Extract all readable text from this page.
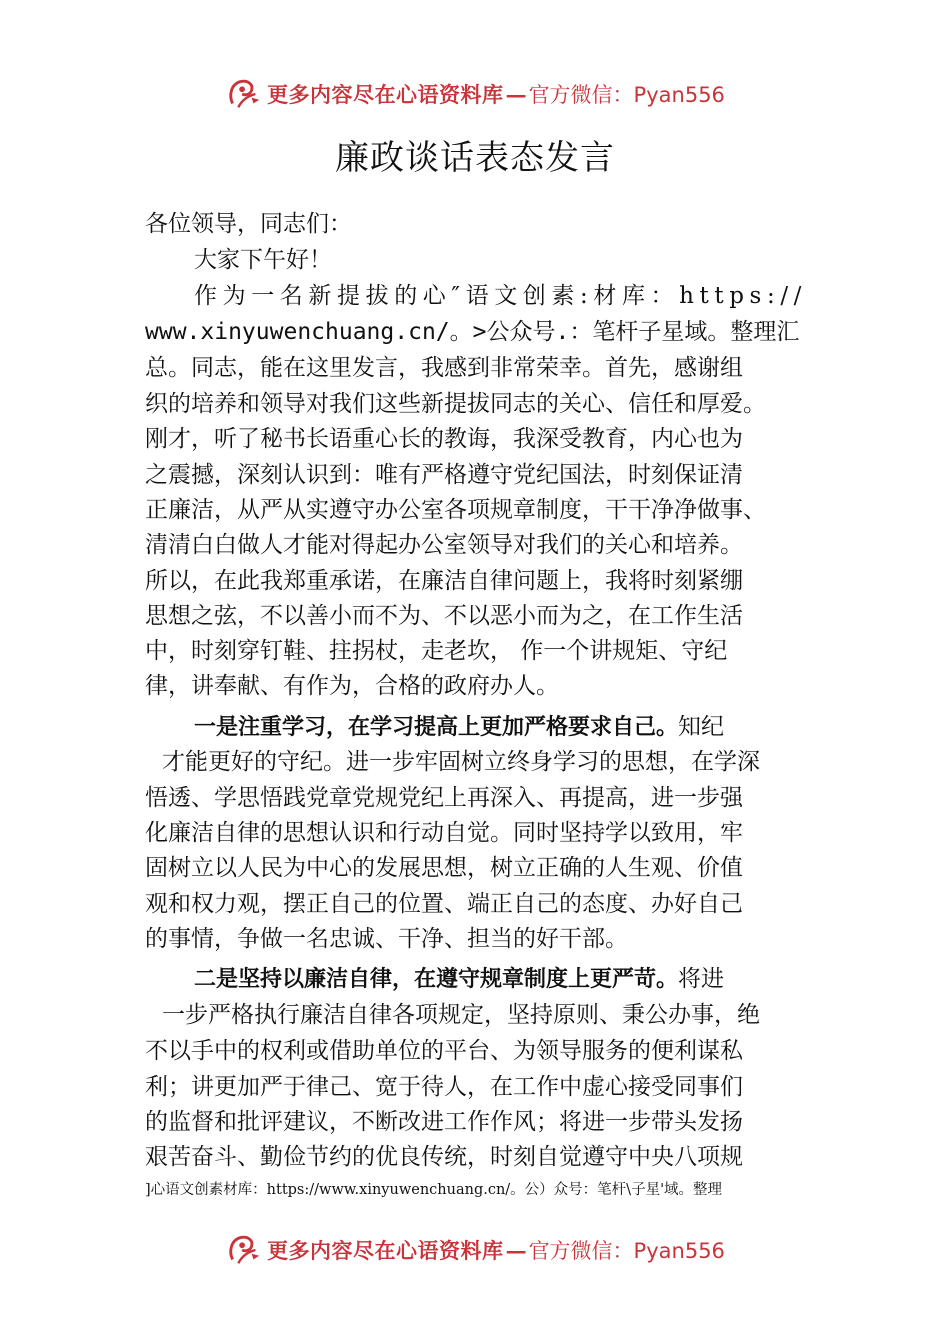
更多内容尽在心语资料库 — 官方微信：Pyan556
廉政谈话表态发言
各位领导，同志们：
大家下午好！
作为一名新提拔的心″语文创素:材库：https://
www.xinyuwenchuang.cn/。>公众号.：笔杆子星域。整理汇
总。同志，能在这里发言，我感到非常荣幸。首先，感谢组
织的培养和领导对我们这些新提拔同志的关心、信任和厚爱。
刚才，听了秘书长语重心长的教诲，我深受教育，内心也为
之震撼，深刻认识到：唯有严格遵守党纪国法，时刻保证清
正廉洁，从严从实遵守办公室各项规章制度，干干净净做事、
清清白白做人才能对得起办公室领导对我们的关心和培养。
所以，在此我郑重承诺，在廉洁自律问题上，我将时刻紧绷
思想之弦，不以善小而不为、不以恶小而为之，在工作生活
中，时刻穿钉鞋、拄拐杖，走老坎， 作一个讲规矩、守纪
律，讲奉献、有作为，合格的政府办人。
一是注重学习，在学习提高上更加严格要求自己。知纪
才能更好的守纪。进一步牢固树立终身学习的思想，在学深
悟透、学思悟践党章党规党纪上再深入、再提高，进一步强
化廉洁自律的思想认识和行动自觉。同时坚持学以致用，牢
固树立以人民为中心的发展思想，树立正确的人生观、价值
观和权力观，摆正自己的位置、端正自己的态度、办好自己
的事情，争做一名忠诚、干净、担当的好干部。
二是坚持以廉洁自律，在遵守规章制度上更严苛。将进
一步严格执行廉洁自律各项规定，坚持原则、秉公办事，绝
不以手中的权利或借助单位的平台、为领导服务的便利谋私
利；讲更加严于律己、宽于待人，在工作中虚心接受同事们
的监督和批评建议，不断改进工作作风；将进一步带头发扬
艰苦奋斗、勤俭节约的优良传统，时刻自觉遵守中央八项规
]心语文创素材库：https://www.xinyuwenchuang.cn/。公）众号：笔杆\子星'域。整理
更多内容尽在心语资料库 — 官方微信：Pyan556
